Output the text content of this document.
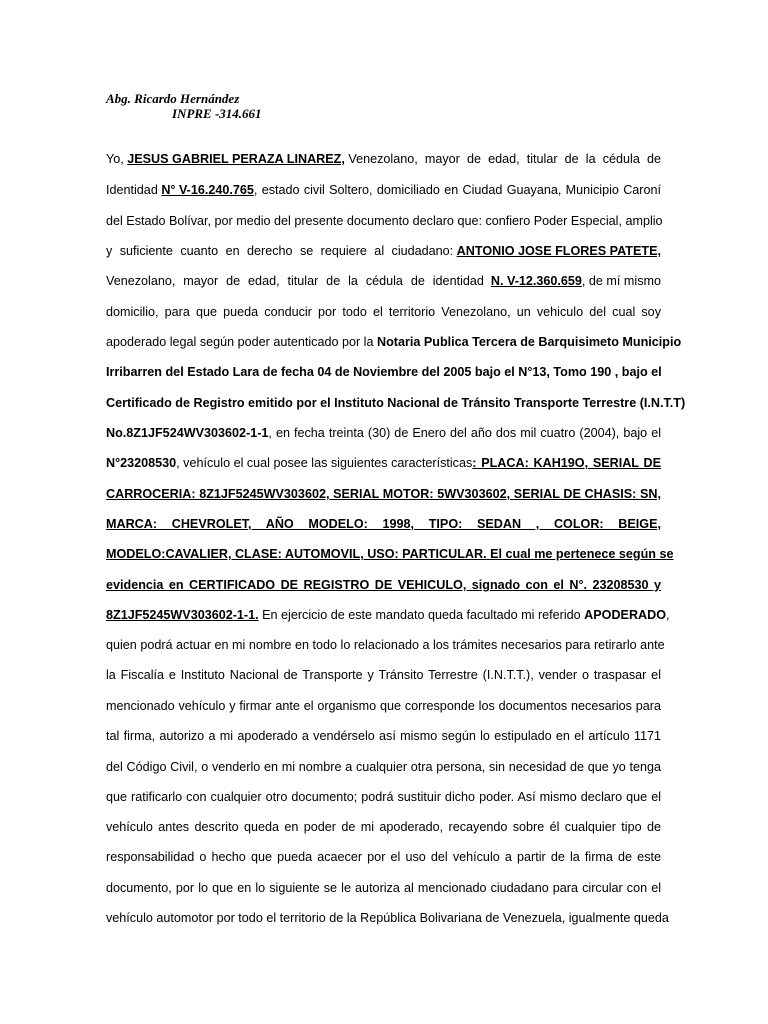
Abg. Ricardo Hernández
INPRE -314.661
Yo,
JESUS GABRIEL PERAZA LINAREZ,
Venezolano, mayor de edad, titular de la cédula de
Identidad
N° V-16.240.765 , estado civil Soltero, domiciliado en Ciudad Guayana, Municipio Caroní
del Estado Bolívar, por medio del presente documento declaro que: confiero Poder Especial, amplio
y suficiente cuanto en derecho se requiere al ciudadano:
ANTONIO JOSE FLORES PATETE,
Venezolano, mayor de edad, titular de la cédula de identidad
N. V-12.360.659 , de mí mismo
domicilio, para que pueda conducir por todo el territorio Venezolano, un vehiculo del cual soy
apoderado legal según poder autenticado por la
Notaria Publica Tercera de Barquisimeto Municipio
Irribarren del Estado Lara de fecha 04 de Noviembre del 2005 bajo el N°13, Tomo 190 , bajo el
Certificado de Registro emitido por el Instituto Nacional de Tránsito Transporte Terrestre (I.N.T.T)
No.8Z1JF524WV303602-1-1 , en fecha treinta (30) de Enero del año dos mil cuatro (2004), bajo el
N°23208530 , vehículo el cual posee las siguientes características : PLACA: KAH19O, SERIAL DE
CARROCERIA: 8Z1JF5245WV303602, SERIAL MOTOR: 5WV303602, SERIAL DE CHASIS: SN,
MARCA: CHEVROLET, AÑO MODELO: 1998, TIPO: SEDAN , COLOR: BEIGE,
MODELO:CAVALIER, CLASE: AUTOMOVIL, USO: PARTICULAR. El cual me pertenece según se
evidencia en CERTIFICADO DE REGISTRO DE VEHICULO, signado con el N°. 23208530 y
8Z1JF5245WV303602-1-1.
En ejercicio de este mandato queda facultado mi referido
APODERADO ,
quien podrá actuar en mi nombre en todo lo relacionado a los trámites necesarios para retirarlo ante
la Fiscalía e Instituto Nacional de Transporte y Tránsito Terrestre (I.N.T.T.), vender o traspasar el
mencionado vehículo y firmar ante el organismo que corresponde los documentos necesarios para
tal firma, autorizo a mi apoderado a vendérselo así mismo según lo estipulado en el artículo 1171
del Código Civil, o venderlo en mi nombre a cualquier otra persona, sin necesidad de que yo tenga
que ratificarlo con cualquier otro documento; podrá sustituir dicho poder. Así mismo declaro que el
vehículo antes descrito queda en poder de mi apoderado, recayendo sobre él cualquier tipo de
responsabilidad o hecho que pueda acaecer por el uso del vehículo a partir de la firma de este
documento, por lo que en lo siguiente se le autoriza al mencionado ciudadano para circular con el
vehículo automotor por todo el territorio de la República Bolivariana de Venezuela, igualmente queda
